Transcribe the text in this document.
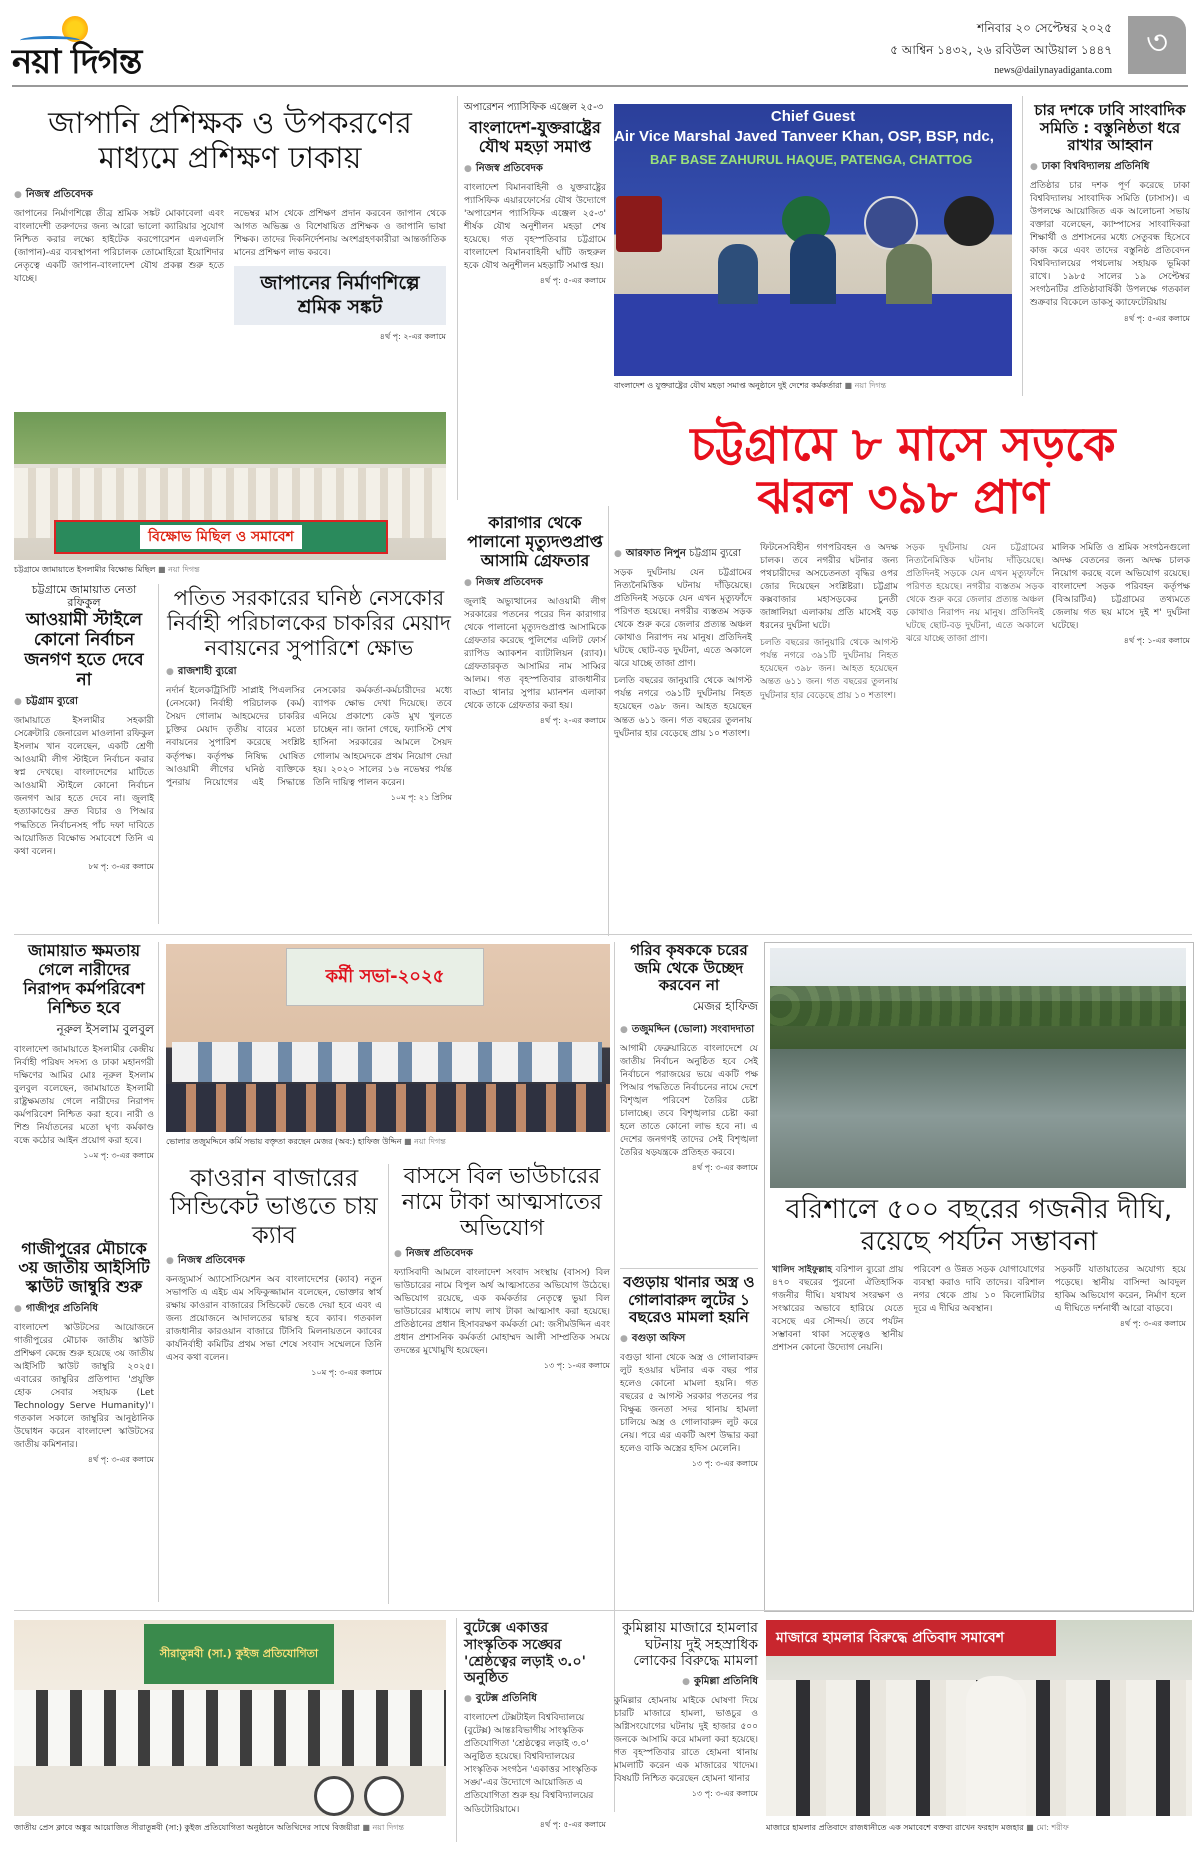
নয়া দিগন্ত
শনিবার ২০ সেপ্টেম্বর ২০২৫
৫ আশ্বিন ১৪৩২, ২৬ রবিউল আউয়াল ১৪৪৭
news@dailynayadiganta.com
৩
জাপানি প্রশিক্ষক ও উপকরণের মাধ্যমে প্রশিক্ষণ ঢাকায়
● নিজস্ব প্রতিবেদক
জাপানের নির্মাণশিল্পে তীব্র শ্রমিক সঙ্কট মোকাবেলা এবং বাংলাদেশী তরুণদের জন্য আরো ভালো ক্যারিয়ার সুযোগ নিশ্চিত করার লক্ষ্যে হাইটেক করপোরেশন এলএলসি (জাপান)-এর ব্যবস্থাপনা পরিচালক তোমোহিরো ইয়োশিদার নেতৃত্বে একটি জাপান-বাংলাদেশ যৌথ প্রকল্প শুরু হতে যাচ্ছে।
নভেম্বর মাস থেকে প্রশিক্ষণ প্রদান করবেন জাপান থেকে আগত অভিজ্ঞ ও বিশেষায়িত প্রশিক্ষক ও জাপানি ভাষা শিক্ষক। তাদের দিকনির্দেশনায় অংশগ্রহণকারীরা আন্তর্জাতিক মানের প্রশিক্ষণ লাভ করবে।
জাপানের নির্মাণশিল্পে শ্রমিক সঙ্কট
৪র্থ পৃ: ২-এর কলামে
অপারেশন প্যাসিফিক এঞ্জেল ২৫-৩
বাংলাদেশ-যুক্তরাষ্ট্রের যৌথ মহড়া সমাপ্ত
● নিজস্ব প্রতিবেদক
বাংলাদেশ বিমানবাহিনী ও যুক্তরাষ্ট্রের প্যাসিফিক এয়ারফোর্সের যৌথ উদ্যোগে 'অপারেশন প্যাসিফিক এঞ্জেল ২৫-৩' শীর্ষক যৌথ অনুশীলন মহড়া শেষ হয়েছে। গত বৃহস্পতিবার চট্টগ্রামে বাংলাদেশ বিমানবাহিনী ঘাঁটি জহুরুল হকে যৌথ অনুশীলন মহড়াটি সমাপ্ত হয়।
৪র্থ পৃ: ৫-এর কলামে
Chief Guest
Air Vice Marshal Javed Tanveer Khan, OSP, BSP, ndc,
BAF BASE ZAHURUL HAQUE, PATENGA, CHATTOG
বাংলাদেশ ও যুক্তরাষ্ট্রের যৌথ মহড়া সমাপ্ত অনুষ্ঠানে দুই দেশের কর্মকর্তারা ■ নয়া দিগন্ত
চার দশকে ঢাবি সাংবাদিক সমিতি : বস্তুনিষ্ঠতা ধরে রাখার আহ্বান
● ঢাকা বিশ্ববিদ্যালয় প্রতিনিধি
প্রতিষ্ঠার চার দশক পূর্ণ করেছে ঢাকা বিশ্ববিদ্যালয় সাংবাদিক সমিতি (ঢাসাস)। এ উপলক্ষে আয়োজিত এক আলোচনা সভায় বক্তারা বলেছেন, ক্যাম্পাসের সাংবাদিকরা শিক্ষার্থী ও প্রশাসনের মধ্যে সেতুবন্ধ হিসেবে কাজ করে এবং তাদের বস্তুনিষ্ঠ প্রতিবেদন বিশ্ববিদ্যালয়ের পথচলায় সহায়ক ভূমিকা রাখে। ১৯৮৫ সালের ১৯ সেপ্টেম্বর সংগঠনটির প্রতিষ্ঠাবার্ষিকী উপলক্ষে গতকাল শুক্রবার বিকেলে ডাকসু ক্যাফেটেরিয়ায়
৪র্থ পৃ: ৫-এর কলামে
বিক্ষোভ মিছিল ও সমাবেশ
চট্টগ্রামে জামায়াতে ইসলামীর বিক্ষোভ মিছিল ■ নয়া দিগন্ত
চট্টগ্রামে ৮ মাসে সড়কে ঝরল ৩৯৮ প্রাণ
● আরফাত নিপুন চট্টগ্রাম ব্যুরো
সড়ক দুর্ঘটনায় যেন চট্টগ্রামের নিত্যনৈমিত্তিক ঘটনায় দাঁড়িয়েছে। প্রতিদিনই সড়কে যেন এখন মৃত্যুফাঁদে পরিণত হয়েছে। নগরীর ব্যস্ততম সড়ক থেকে শুরু করে জেলার প্রত্যন্ত অঞ্চল কোথাও নিরাপদ নয় মানুষ। প্রতিদিনই ঘটছে ছোট-বড় দুর্ঘটনা, এতে অকালে ঝরে যাচ্ছে তাজা প্রাণ।
চলতি বছরের জানুয়ারি থেকে আগস্ট পর্যন্ত নগরে ৩৯১টি দুর্ঘটনায় নিহত হয়েছেন ৩৯৮ জন। আহত হয়েছেন অন্তত ৬১১ জন। গত বছরের তুলনায় দুর্ঘটনার হার বেড়েছে প্রায় ১০ শতাংশ।
ফিটনেসবিহীন গণপরিবহন ও অদক্ষ চালক। তবে নগরীর ঘটনার জন্য পথচারীদের অসচেতনতা বৃদ্ধির ওপর জোর দিয়েছেন সংশ্লিষ্টরা। চট্টগ্রাম কক্সবাজার মহাসড়কের চুনতী জাঙ্গালিয়া এলাকায় প্রতি মাসেই বড় ধরনের দুর্ঘটনা ঘটে।
চলতি বছরের জানুয়ারি থেকে আগস্ট পর্যন্ত নগরে ৩৯১টি দুর্ঘটনায় নিহত হয়েছেন ৩৯৮ জন। আহত হয়েছেন অন্তত ৬১১ জন। গত বছরের তুলনায় দুর্ঘটনার হার বেড়েছে প্রায় ১০ শতাংশ।
সড়ক দুর্ঘটনায় যেন চট্টগ্রামের নিত্যনৈমিত্তিক ঘটনায় দাঁড়িয়েছে। প্রতিদিনই সড়কে যেন এখন মৃত্যুফাঁদে পরিণত হয়েছে। নগরীর ব্যস্ততম সড়ক থেকে শুরু করে জেলার প্রত্যন্ত অঞ্চল কোথাও নিরাপদ নয় মানুষ। প্রতিদিনই ঘটছে ছোট-বড় দুর্ঘটনা, এতে অকালে ঝরে যাচ্ছে তাজা প্রাণ।
মালিক সমিতি ও শ্রমিক সংগঠনগুলো অদক্ষ বেতনের জন্য অদক্ষ চালক নিয়োগ করছে বলে অভিযোগ রয়েছে। বাংলাদেশ সড়ক পরিবহন কর্তৃপক্ষ (বিআরটিএ) চট্টগ্রামের তথ্যমতে জেলায় গত ছয় মাসে দুই শ' দুর্ঘটনা ঘটেছে।
৪র্থ পৃ: ১-এর কলামে
কারাগার থেকে পালানো মৃত্যুদণ্ডপ্রাপ্ত আসামি গ্রেফতার
● নিজস্ব প্রতিবেদক
জুলাই অভ্যুত্থানের আওয়ামী লীগ সরকারের পতনের পরের দিন কারাগার থেকে পালানো মৃত্যুদণ্ডপ্রাপ্ত আসামিকে গ্রেফতার করেছে পুলিশের এলিট ফোর্স র‍্যাপিড অ্যাকশন ব্যাটালিয়ন (র‍্যাব)। গ্রেফতারকৃত আসামির নাম সাব্বির আলম। গত বৃহস্পতিবার রাজধানীর বাড্ডা থানার সুপার ম্যানশন এলাকা থেকে তাকে গ্রেফতার করা হয়।
৪র্থ পৃ: ২-এর কলামে
চট্টগ্রামে জামায়াত নেতা রফিকুল
আওয়ামী স্টাইলে কোনো নির্বাচন জনগণ হতে দেবে না
● চট্টগ্রাম ব্যুরো
জামায়াতে ইসলামীর সহকারী সেক্রেটারি জেনারেল মাওলানা রফিকুল ইসলাম খান বলেছেন, একটি শ্রেণী আওয়ামী লীগ স্টাইলে নির্বাচন করার স্বপ্ন দেখছে। বাংলাদেশের মাটিতে আওয়ামী স্টাইলে কোনো নির্বাচন জনগণ আর হতে দেবে না। জুলাই হত্যাকাণ্ডের দ্রুত বিচার ও পিআর পদ্ধতিতে নির্বাচনসহ পাঁচ দফা দাবিতে আয়োজিত বিক্ষোভ সমাবেশে তিনি এ কথা বলেন।
৮ম পৃ: ৩-এর কলামে
পতিত সরকারের ঘনিষ্ঠ নেসকোর নির্বাহী পরিচালকের চাকরির মেয়াদ নবায়নের সুপারিশে ক্ষোভ
● রাজশাহী ব্যুরো
নর্দার্ন ইলেকট্রিসিটি সাপ্লাই পিএলসির (নেসকো) নির্বাহী পরিচালক (কর্ম) সৈয়দ গোলাম আহমেদের চাকরির চুক্তির মেয়াদ তৃতীয় বারের মতো নবায়নের সুপারিশ করেছে সংশ্লিষ্ট কর্তৃপক্ষ। কর্তৃপক্ষ নিষিদ্ধ ঘোষিত আওয়ামী লীগের ঘনিষ্ঠ ব্যক্তিকে পুনরায় নিয়োগের এই সিদ্ধান্তে নেসকোর কর্মকর্তা-কর্মচারীদের মধ্যে ব্যাপক ক্ষোভ দেখা দিয়েছে। তবে এনিয়ে প্রকাশ্যে কেউ মুখ খুলতে চাচ্ছেন না। জানা গেছে, ফ্যাসিস্ট শেখ হাসিনা সরকারের আমলে সৈয়দ গোলাম আহমেদকে প্রথম নিয়োগ দেয়া হয়। ২০২০ সালের ১৬ নভেম্বর পর্যন্ত তিনি দায়িত্ব পালন করেন।
১০ম পৃ: ২১ প্রিসিম
জামায়াত ক্ষমতায় গেলে নারীদের নিরাপদ কর্মপরিবেশ নিশ্চিত হবে
নূরুল ইসলাম বুলবুল
বাংলাদেশ জামায়াতে ইসলামীর কেন্দ্রীয় নির্বাহী পরিষদ সদস্য ও ঢাকা মহানগরী দক্ষিণের আমির মোঃ নূরুল ইসলাম বুলবুল বলেছেন, জামায়াতে ইসলামী রাষ্ট্রক্ষমতায় গেলে নারীদের নিরাপদ কর্মপরিবেশ নিশ্চিত করা হবে। নারী ও শিশু নির্যাতনের মতো ঘৃণ্য কর্মকাণ্ড বন্ধে কঠোর আইন প্রয়োগ করা হবে।
১০ম পৃ: ৩-এর কলামে
কর্মী সভা-২০২৫
ভোলার তজুমদ্দিনে কর্মি সভায় বক্তৃতা করছেন মেজর (অব:) হাফিজ উদ্দিন ■ নয়া দিগন্ত
গরিব কৃষককে চরের জমি থেকে উচ্ছেদ করবেন না
মেজর হাফিজ
● তজুমদ্দিন (ভোলা) সংবাদদাতা
আগামী ফেব্রুয়ারিতে বাংলাদেশে যে জাতীয় নির্বাচন অনুষ্ঠিত হবে সেই নির্বাচনে পরাজয়ের ভয়ে একটি পক্ষ পিআর পদ্ধতিতে নির্বাচনের নামে দেশে বিশৃঙ্খল পরিবেশ তৈরির চেষ্টা চালাচ্ছে। তবে বিশৃঙ্খলার চেষ্টা করা হলে তাতে কোনো লাভ হবে না। এ দেশের জনগণই তাদের সেই বিশৃঙ্খলা তৈরির ষড়যন্ত্রকে প্রতিহত করবে।
৪র্থ পৃ: ৩-এর কলামে
বরিশালে ৫০০ বছরের গজনীর দীঘি, রয়েছে পর্যটন সম্ভাবনা
খালিদ সাইফুল্লাহ বরিশাল ব্যুরো প্রায় ৪৭০ বছরের পুরনো ঐতিহাসিক গজনীর দীঘি। যথাযথ সংরক্ষণ ও সংস্কারের অভাবে হারিয়ে যেতে বসেছে এর সৌন্দর্য। তবে পর্যটন সম্ভাবনা থাকা সত্ত্বেও স্থানীয় প্রশাসন কোনো উদ্যোগ নেয়নি।
পরিবেশ ও উন্নত সড়ক যোগাযোগের ব্যবস্থা করাও দাবি তাদের। বরিশাল নগর থেকে প্রায় ১০ কিলোমিটার দূরে এ দীঘির অবস্থান।
সড়কটি যাতায়াতের অযোগ্য হয়ে পড়েছে। স্থানীয় বাসিন্দা আবদুল হাকিম অভিযোগ করেন, নির্মাণ হলে এ দীঘিতে দর্শনার্থী আরো বাড়বে।
৪র্থ পৃ: ৩-এর কলামে
কাওরান বাজারের সিন্ডিকেট ভাঙতে চায় ক্যাব
● নিজস্ব প্রতিবেদক
কনজ্যুমার্স অ্যাসোসিয়েশন অব বাংলাদেশের (ক্যাব) নতুন সভাপতি এ এইচ এম সফিকুজ্জামান বলেছেন, ভোক্তার স্বার্থ রক্ষায় কাওরান বাজারের সিন্ডিকেট ভেঙে দেয়া হবে এবং এ জন্য প্রয়োজনে আদালতের দ্বারস্থ হবে ক্যাব। গতকাল রাজধানীর কারওয়ান বাজারে টিসিবি মিলনায়তনে ক্যাবের কার্যনির্বাহী কমিটির প্রথম সভা শেষে সংবাদ সম্মেলনে তিনি এসব কথা বলেন।
১০ম পৃ: ৩-এর কলামে
বাসসে বিল ভাউচারের নামে টাকা আত্মসাতের অভিযোগ
● নিজস্ব প্রতিবেদক
ফ্যাসিবাদী আমলে বাংলাদেশ সংবাদ সংস্থায় (বাসস) বিল ভাউচারের নামে বিপুল অর্থ আত্মসাতের অভিযোগ উঠেছে। অভিযোগ রয়েছে, এক কর্মকর্তার নেতৃত্বে ভুয়া বিল ভাউচারের মাধ্যমে লাখ লাখ টাকা আত্মসাৎ করা হয়েছে। প্রতিষ্ঠানের প্রধান হিসাবরক্ষণ কর্মকর্তা মো: জসীমউদ্দিন এবং প্রধান প্রশাসনিক কর্মকর্তা মোহাম্মদ আলী সাম্প্রতিক সময়ে তদন্তের মুখোমুখি হয়েছেন।
১৩ পৃ: ১-এর কলামে
গাজীপুরের মৌচাকে ৩য় জাতীয় আইসিটি স্কাউট জাম্বুরি শুরু
● গাজীপুর প্রতিনিধি
বাংলাদেশ স্কাউটসের আয়োজনে গাজীপুরের মৌচাক জাতীয় স্কাউট প্রশিক্ষণ কেন্দ্রে শুরু হয়েছে ৩য় জাতীয় আইসিটি স্কাউট জাম্বুরি ২০২৫। এবারের জাম্বুরির প্রতিপাদ্য 'প্রযুক্তি হোক সেবার সহায়ক (Let Technology Serve Humanity)'। গতকাল সকালে জাম্বুরির আনুষ্ঠানিক উদ্বোধন করেন বাংলাদেশ স্কাউটসের জাতীয় কমিশনার।
৪র্থ পৃ: ৩-এর কলামে
বগুড়ায় থানার অস্ত্র ও গোলাবারুদ লুটের ১ বছরেও মামলা হয়নি
● বগুড়া অফিস
বগুড়া থানা থেকে অস্ত্র ও গোলাবারুদ লুট হওয়ার ঘটনার এক বছর পার হলেও কোনো মামলা হয়নি। গত বছরের ৫ আগস্ট সরকার পতনের পর বিক্ষুব্ধ জনতা সদর থানায় হামলা চালিয়ে অস্ত্র ও গোলাবারুদ লুট করে নেয়। পরে এর একটি অংশ উদ্ধার করা হলেও বাকি অস্ত্রের হদিস মেলেনি।
১৩ পৃ: ৩-এর কলামে
সীরাতুন্নবী (সা.) কুইজ প্রতিযোগিতা
জাতীয় প্রেস ক্লাবে অঙ্কুর আয়োজিত সীরাতুন্নবী (সা:) কুইজ প্রতিযোগিতা অনুষ্ঠানে অতিথিদের সাথে বিজয়ীরা ■ নয়া দিগন্ত
বুটেক্সে একাত্তর সাংস্কৃতিক সঙ্ঘের 'শ্রেষ্ঠত্বের লড়াই ৩.০' অনুষ্ঠিত
● বুটেক্স প্রতিনিধি
বাংলাদেশ টেক্সটাইল বিশ্ববিদ্যালয়ে (বুটেক্স) আন্তঃবিভাগীয় সাংস্কৃতিক প্রতিযোগিতা 'শ্রেষ্ঠত্বের লড়াই ৩.০' অনুষ্ঠিত হয়েছে। বিশ্ববিদ্যালয়ের সাংস্কৃতিক সংগঠন 'একাত্তর সাংস্কৃতিক সঙ্ঘ'-এর উদ্যোগে আয়োজিত এ প্রতিযোগিতা শুরু হয় বিশ্ববিদ্যালয়ের অডিটোরিয়ামে।
৪র্থ পৃ: ৫-এর কলামে
কুমিল্লায় মাজারে হামলার ঘটনায় দুই সহস্রাধিক লোকের বিরুদ্ধে মামলা
● কুমিল্লা প্রতিনিধি
কুমিল্লার হোমনায় মাইকে ঘোষণা দিয়ে চারটি মাজারে হামলা, ভাঙচুর ও অগ্নিসংযোগের ঘটনায় দুই হাজার ৫০০ জনকে আসামি করে মামলা করা হয়েছে। গত বৃহস্পতিবার রাতে হোমনা থানায় মামলাটি করেন এক মাজারের খাদেম। বিষয়টি নিশ্চিত করেছেন হোমনা থানার
১৩ পৃ: ৩-এর কলামে
মাজারে হামলার বিরুদ্ধে প্রতিবাদ সমাবেশ
মাজারে হামলার প্রতিবাদে রাজধানীতে এক সমাবেশে বক্তব্য রাখেন ফরহাদ মজহার ■ মো: শরীফ
